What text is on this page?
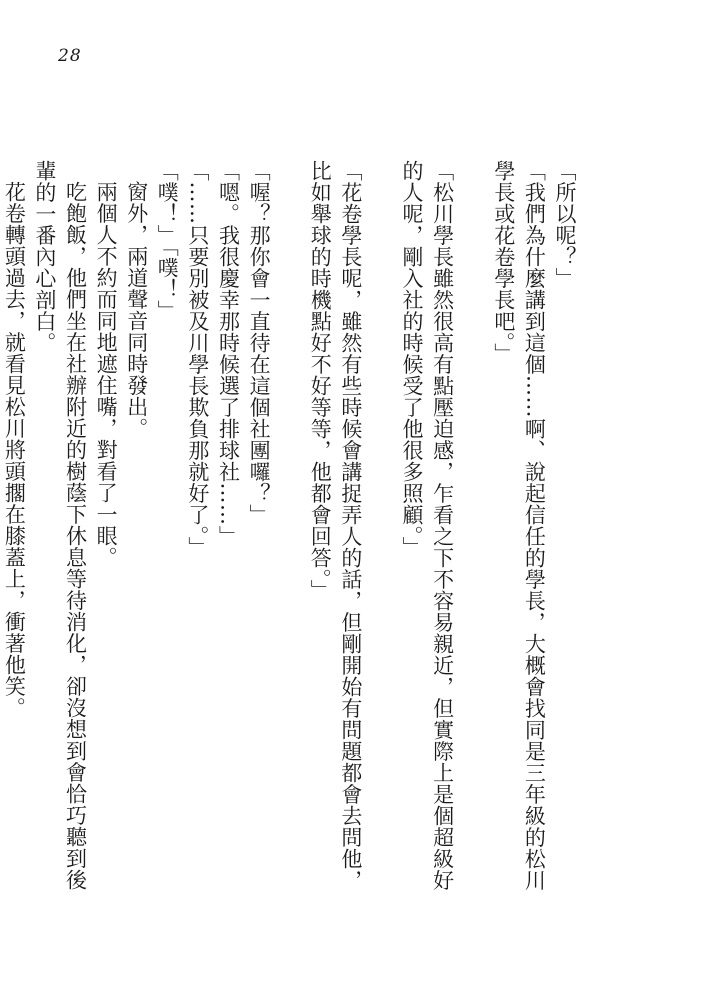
28

「所以呢？」

「我們為什麼講到這個……啊、說起信任的學長，大概會找同是三年級的松川學長或花卷學長吧。」

「松川學長雖然很高有點壓迫感，乍看之下不容易親近，但實際上是個超級好的人呢，剛入社的時候受了他很多照顧。」

「花卷學長呢，雖然有些時候會講捉弄人的話，但剛開始有問題都會去問他，比如舉球的時機點好不好等等，他都會回答。」

「喔？那你會一直待在這個社團囉？」

「嗯。我很慶幸那時候選了排球社……」

「……只要別被及川學長欺負那就好了。」

「噗！」「噗！」

窗外，兩道聲音同時發出。

兩個人不約而同地遮住嘴，對看了一眼。

吃飽飯，他們坐在社辦附近的樹蔭下休息等待消化，卻沒想到會恰巧聽到後輩的一番內心剖白。

花卷轉頭過去，就看見松川將頭擱在膝蓋上，衝著他笑。
